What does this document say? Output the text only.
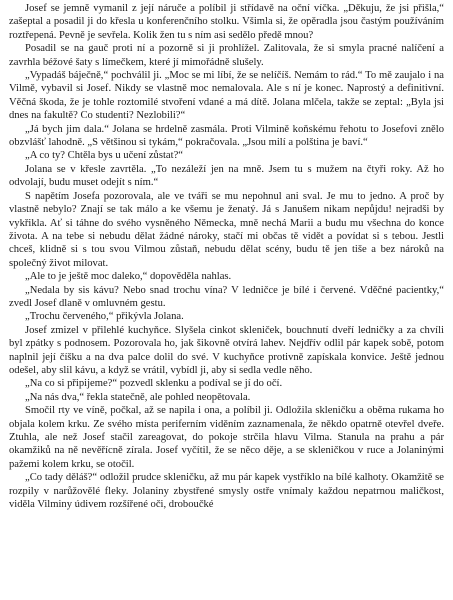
Josef se jemně vymanil z její náruče a políbil ji střídavě na oční víčka. „Děkuju, že jsi přišla,“ zašeptal a posadil ji do křesla u konferenčního stolku. Všimla si, že opěradla jsou častým používáním roztřepená. Pevně je sevřela. Kolik žen tu s ním asi sedělo předě mnou?

Posadil se na gauč proti ní a pozorně si ji prohlížel. Zalitovala, že si smyla pracné nalíčení a zavrhla béžové šaty s límečkem, které jí mimořádně slušely.

„Vypadáš báječně,“ pochválil ji. „Moc se mi líbí, že se nelíčíš. Nemám to rád.“ To mě zaujalo i na Vilmě, vybavil si Josef. Nikdy se vlastně moc nemalovala. Ale s ní je konec. Naprostý a definitivní. Věčná škoda, že je tohle roztomilé stvoření vdané a má dítě. Jolana mlčela, takže se zeptal: „Byla jsi dnes na fakultě? Co studenti? Nezlobili?“

„Já bych jim dala.“ Jolana se hrdelně zasmála. Proti Vilmině koňskému řehotu to Josefovi znělo obzvlášť lahodně. „S většinou si tykám,“ pokračovala. „Jsou milí a polština je baví.“

„A co ty? Chtěla bys u učení zůstat?“

Jolana se v křesle zavrtěla. „To nezáleží jen na mně. Jsem tu s mužem na čtyři roky. Až ho odvolají, budu muset odejít s ním.“

S napětím Josefa pozorovala, ale ve tváři se mu nepohnul ani sval. Je mu to jedno. A proč by vlastně nebylo? Znají se tak málo a ke všemu je ženatý. Já s Janušem nikam nepůjdu! nejradši by vykřikla. Ať si táhne do svého vysněného Německa, mně nechá Marii a budu mu všechna do konce života. A na tebe si nebudu dělat žádné nároky, stačí mi občas tě vidět a povídat si s tebou. Jestli chceš, klidně si s tou svou Vilmou zůstaň, nebudu dělat scény, budu tě jen tiše a bez nároků na společný život milovat.

„Ale to je ještě moc daleko,“ dopověděla nahlas.

„Nedala by sis kávu? Nebo snad trochu vína? V ledničce je bílé i červené. Vděčné pacientky,“ zvedl Josef dlaně v omluvném gestu.

„Trochu červeného,“ přikývla Jolana.

Josef zmizel v přilehlé kuchyňce. Slyšela cinkot skleniček, bouchnutí dveří ledničky a za chvíli byl zpátky s podnosem. Pozorovala ho, jak šikovně otvírá lahev. Nejdřív odlil pár kapek sobě, potom naplnil její číšku a na dva palce dolil do své. V kuchyňce protivně zapískala konvice. Ještě jednou odešel, aby slil kávu, a když se vrátil, vybídl ji, aby si sedla vedle něho.

„Na co si připijeme?“ pozvedl sklenku a podíval se jí do očí.

„Na nás dva,“ řekla statečně, ale pohled neopětovala.

Smočil rty ve víně, počkal, až se napila i ona, a políbil ji. Odložila skleničku a oběma rukama ho objala kolem krku. Ze svého místa periferním viděním zaznamenala, že někdo opatrně otevřel dveře. Ztuhla, ale než Josef stačil zareagovat, do pokoje strčila hlavu Vilma. Stanula na prahu a pár okamžiků na ně nevěřícně zírala. Josef vyčítil, že se něco děje, a se skleničkou v ruce a Jolaninými pažemi kolem krku, se otočil.

„Co tady děláš?“ odložil prudce skleničku, až mu pár kapek vystříklo na bílé kalhoty. Okamžitě se rozpily v narůžovělé fleky. Jolaniny zbystřené smysly ostře vnímaly každou nepatrnou maličkost, viděla Vilminy údivem rozšířené oči, droboučké
